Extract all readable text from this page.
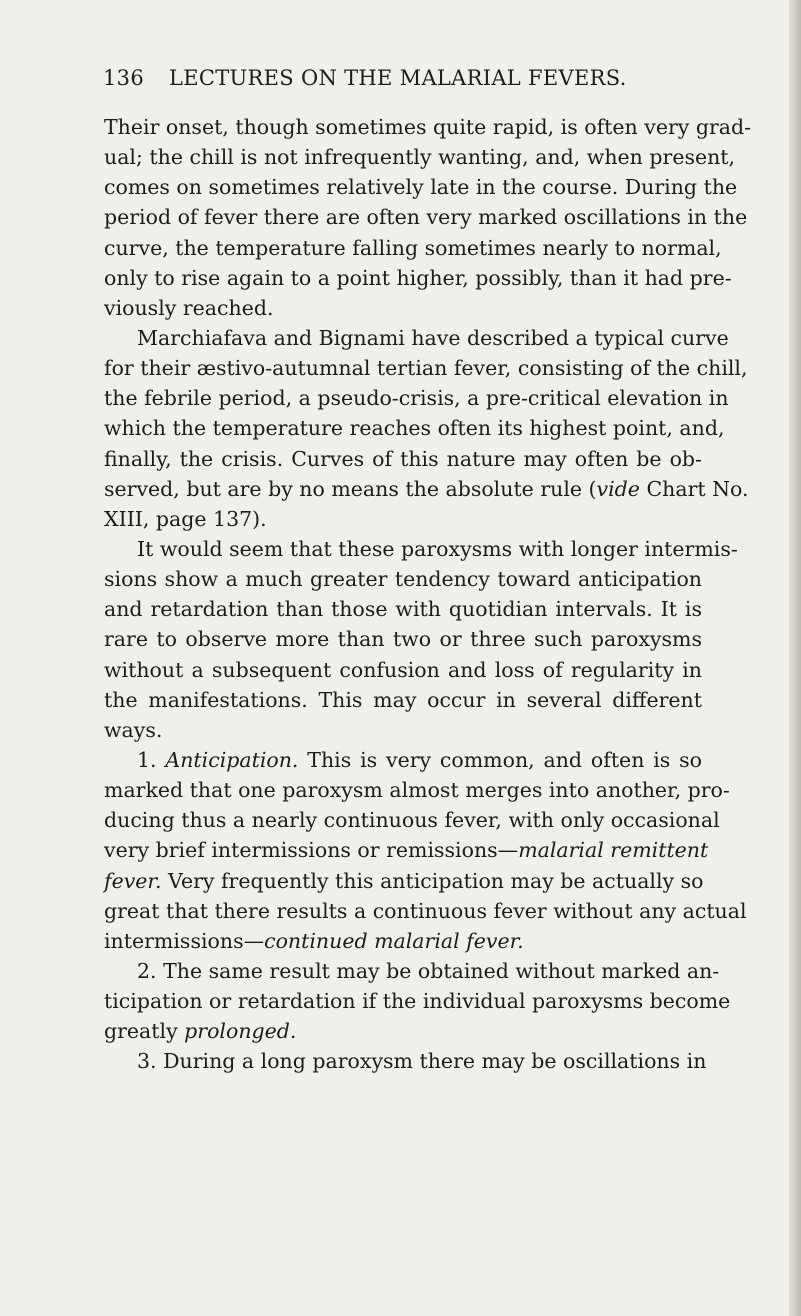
136 LECTURES ON THE MALARIAL FEVERS.
Their onset, though sometimes quite rapid, is often very grad-
ual; the chill is not infrequently wanting, and, when present,
comes on sometimes relatively late in the course. During the
period of fever there are often very marked oscillations in the
curve, the temperature falling sometimes nearly to normal,
only to rise again to a point higher, possibly, than it had pre-
viously reached.
Marchiafava and Bignami have described a typical curve
for their æstivo-autumnal tertian fever, consisting of the chill,
the febrile period, a pseudo-crisis, a pre-critical elevation in
which the temperature reaches often its highest point, and,
finally, the crisis. Curves of this nature may often be ob-
served, but are by no means the absolute rule (vide Chart No.
XIII, page 137).
It would seem that these paroxysms with longer intermis-
sions show a much greater tendency toward anticipation
and retardation than those with quotidian intervals. It is
rare to observe more than two or three such paroxysms
without a subsequent confusion and loss of regularity in
the manifestations. This may occur in several different
ways.
1. Anticipation. This is very common, and often is so
marked that one paroxysm almost merges into another, pro-
ducing thus a nearly continuous fever, with only occasional
very brief intermissions or remissions—malarial remittent
fever. Very frequently this anticipation may be actually so
great that there results a continuous fever without any actual
intermissions—continued malarial fever.
2. The same result may be obtained without marked an-
ticipation or retardation if the individual paroxysms become
greatly prolonged.
3. During a long paroxysm there may be oscillations in
